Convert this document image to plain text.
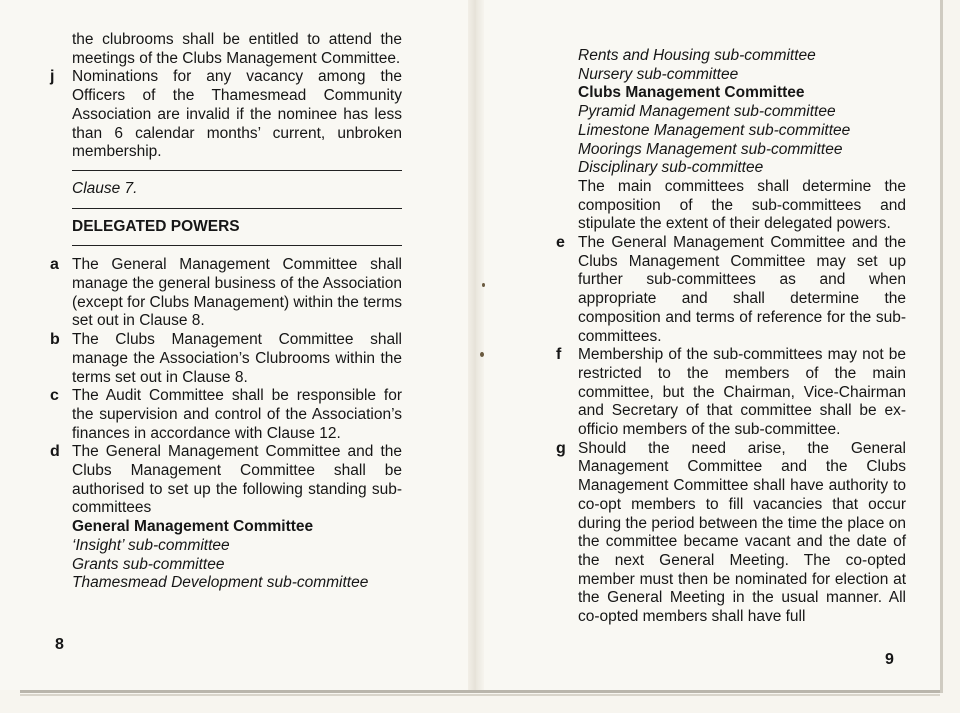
the clubrooms shall be entitled to attend the meetings of the Clubs Management Committee.
j Nominations for any vacancy among the Officers of the Thamesmead Community Association are invalid if the nominee has less than 6 calendar months’ current, unbroken membership.
Clause 7.
DELEGATED POWERS
a The General Management Committee shall manage the general business of the Association (except for Clubs Management) within the terms set out in Clause 8.
b The Clubs Management Committee shall manage the Association’s Clubrooms within the terms set out in Clause 8.
c The Audit Committee shall be responsible for the supervision and control of the Association’s finances in accordance with Clause 12.
d The General Management Committee and the Clubs Management Committee shall be authorised to set up the following standing sub-committees
General Management Committee
‘Insight’ sub-committee
Grants sub-committee
Thamesmead Development sub-committee
8
Rents and Housing sub-committee
Nursery sub-committee
Clubs Management Committee
Pyramid Management sub-committee
Limestone Management sub-committee
Moorings Management sub-committee
Disciplinary sub-committee
The main committees shall determine the composition of the sub-committees and stipulate the extent of their delegated powers.
e The General Management Committee and the Clubs Management Committee may set up further sub-committees as and when appropriate and shall determine the composition and terms of reference for the sub-committees.
f Membership of the sub-committees may not be restricted to the members of the main committee, but the Chairman, Vice-Chairman and Secretary of that committee shall be ex-officio members of the sub-committee.
g Should the need arise, the General Management Committee and the Clubs Management Committee shall have authority to co-opt members to fill vacancies that occur during the period between the time the place on the committee became vacant and the date of the next General Meeting. The co-opted member must then be nominated for election at the General Meeting in the usual manner. All co-opted members shall have full
9
